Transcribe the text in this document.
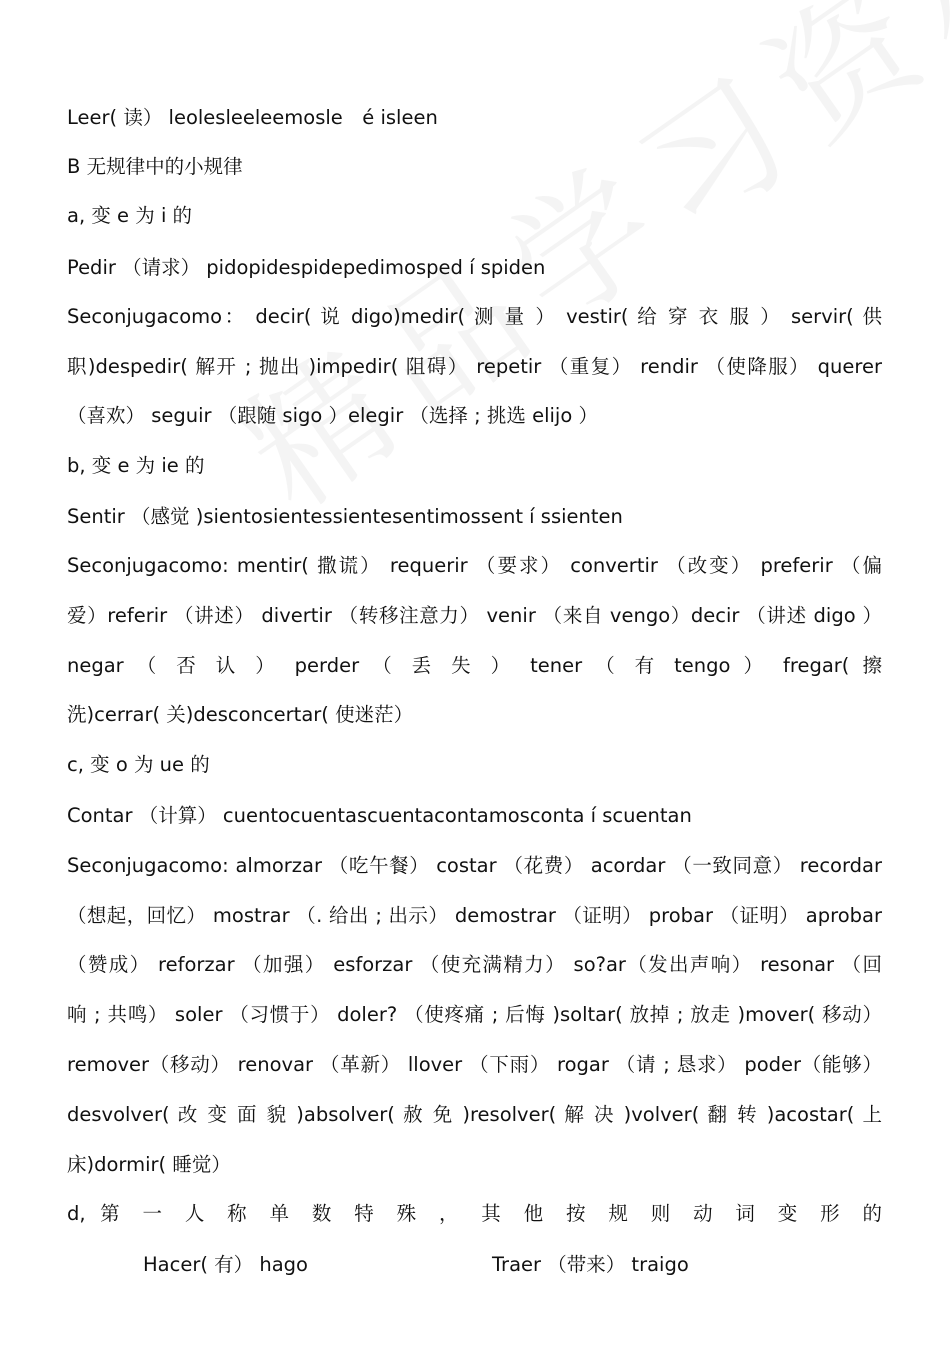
Leer( 读） leolesleeleemosle　é isleen
B 无规律中的小规律
a, 变 e 为 i 的
Pedir （请求） pidopidespidepedimosped í spiden
Seconjugacomo： decir( 说 digo)medir( 测 量 ） vestir( 给 穿 衣 服 ） servir( 供
职)despedir( 解开 ; 抛出 )impedir( 阻碍） repetir （重复） rendir （使降服） querer
（喜欢） seguir （跟随 sigo ）elegir （选择 ; 挑选 elijo ）
b, 变 e 为 ie 的
Sentir （感觉 )sientosientessientesentimossent í ssienten
Seconjugacomo: mentir( 撒谎） requerir （要求） convertir （改变） preferir （偏
爱）referir （讲述） divertir （转移注意力） venir （来自 vengo）decir （讲述 digo ）
negar （ 否 认 ） perder （ 丢 失 ） tener （ 有 tengo ） fregar( 擦
洗)cerrar( 关)desconcertar( 使迷茫）
c, 变 o 为 ue 的
Contar （计算） cuentocuentascuentacontamosconta í scuentan
Seconjugacomo: almorzar （吃午餐） costar （花费） acordar （一致同意） recordar
（想起，回忆） mostrar （. 给出 ; 出示） demostrar （证明） probar （证明） aprobar
（赞成） reforzar （加强） esforzar （使充满精力） so?ar（发出声响） resonar （回
响 ; 共鸣） soler （习惯于） doler? （使疼痛 ; 后悔 )soltar( 放掉 ; 放走 )mover( 移动）
remover（移动） renovar （革新） llover （下雨） rogar （请 ; 恳求） poder（能够）
desvolver( 改 变 面 貌 )absolver( 赦 免 )resolver( 解 决 )volver( 翻 转 )acostar( 上
床)dormir( 睡觉）
d, 第 一 人 称 单 数 特 殊 ， 其 他 按 规 则 动 词 变 形 的
Hacer( 有） hago	Traer （带来） traigo
